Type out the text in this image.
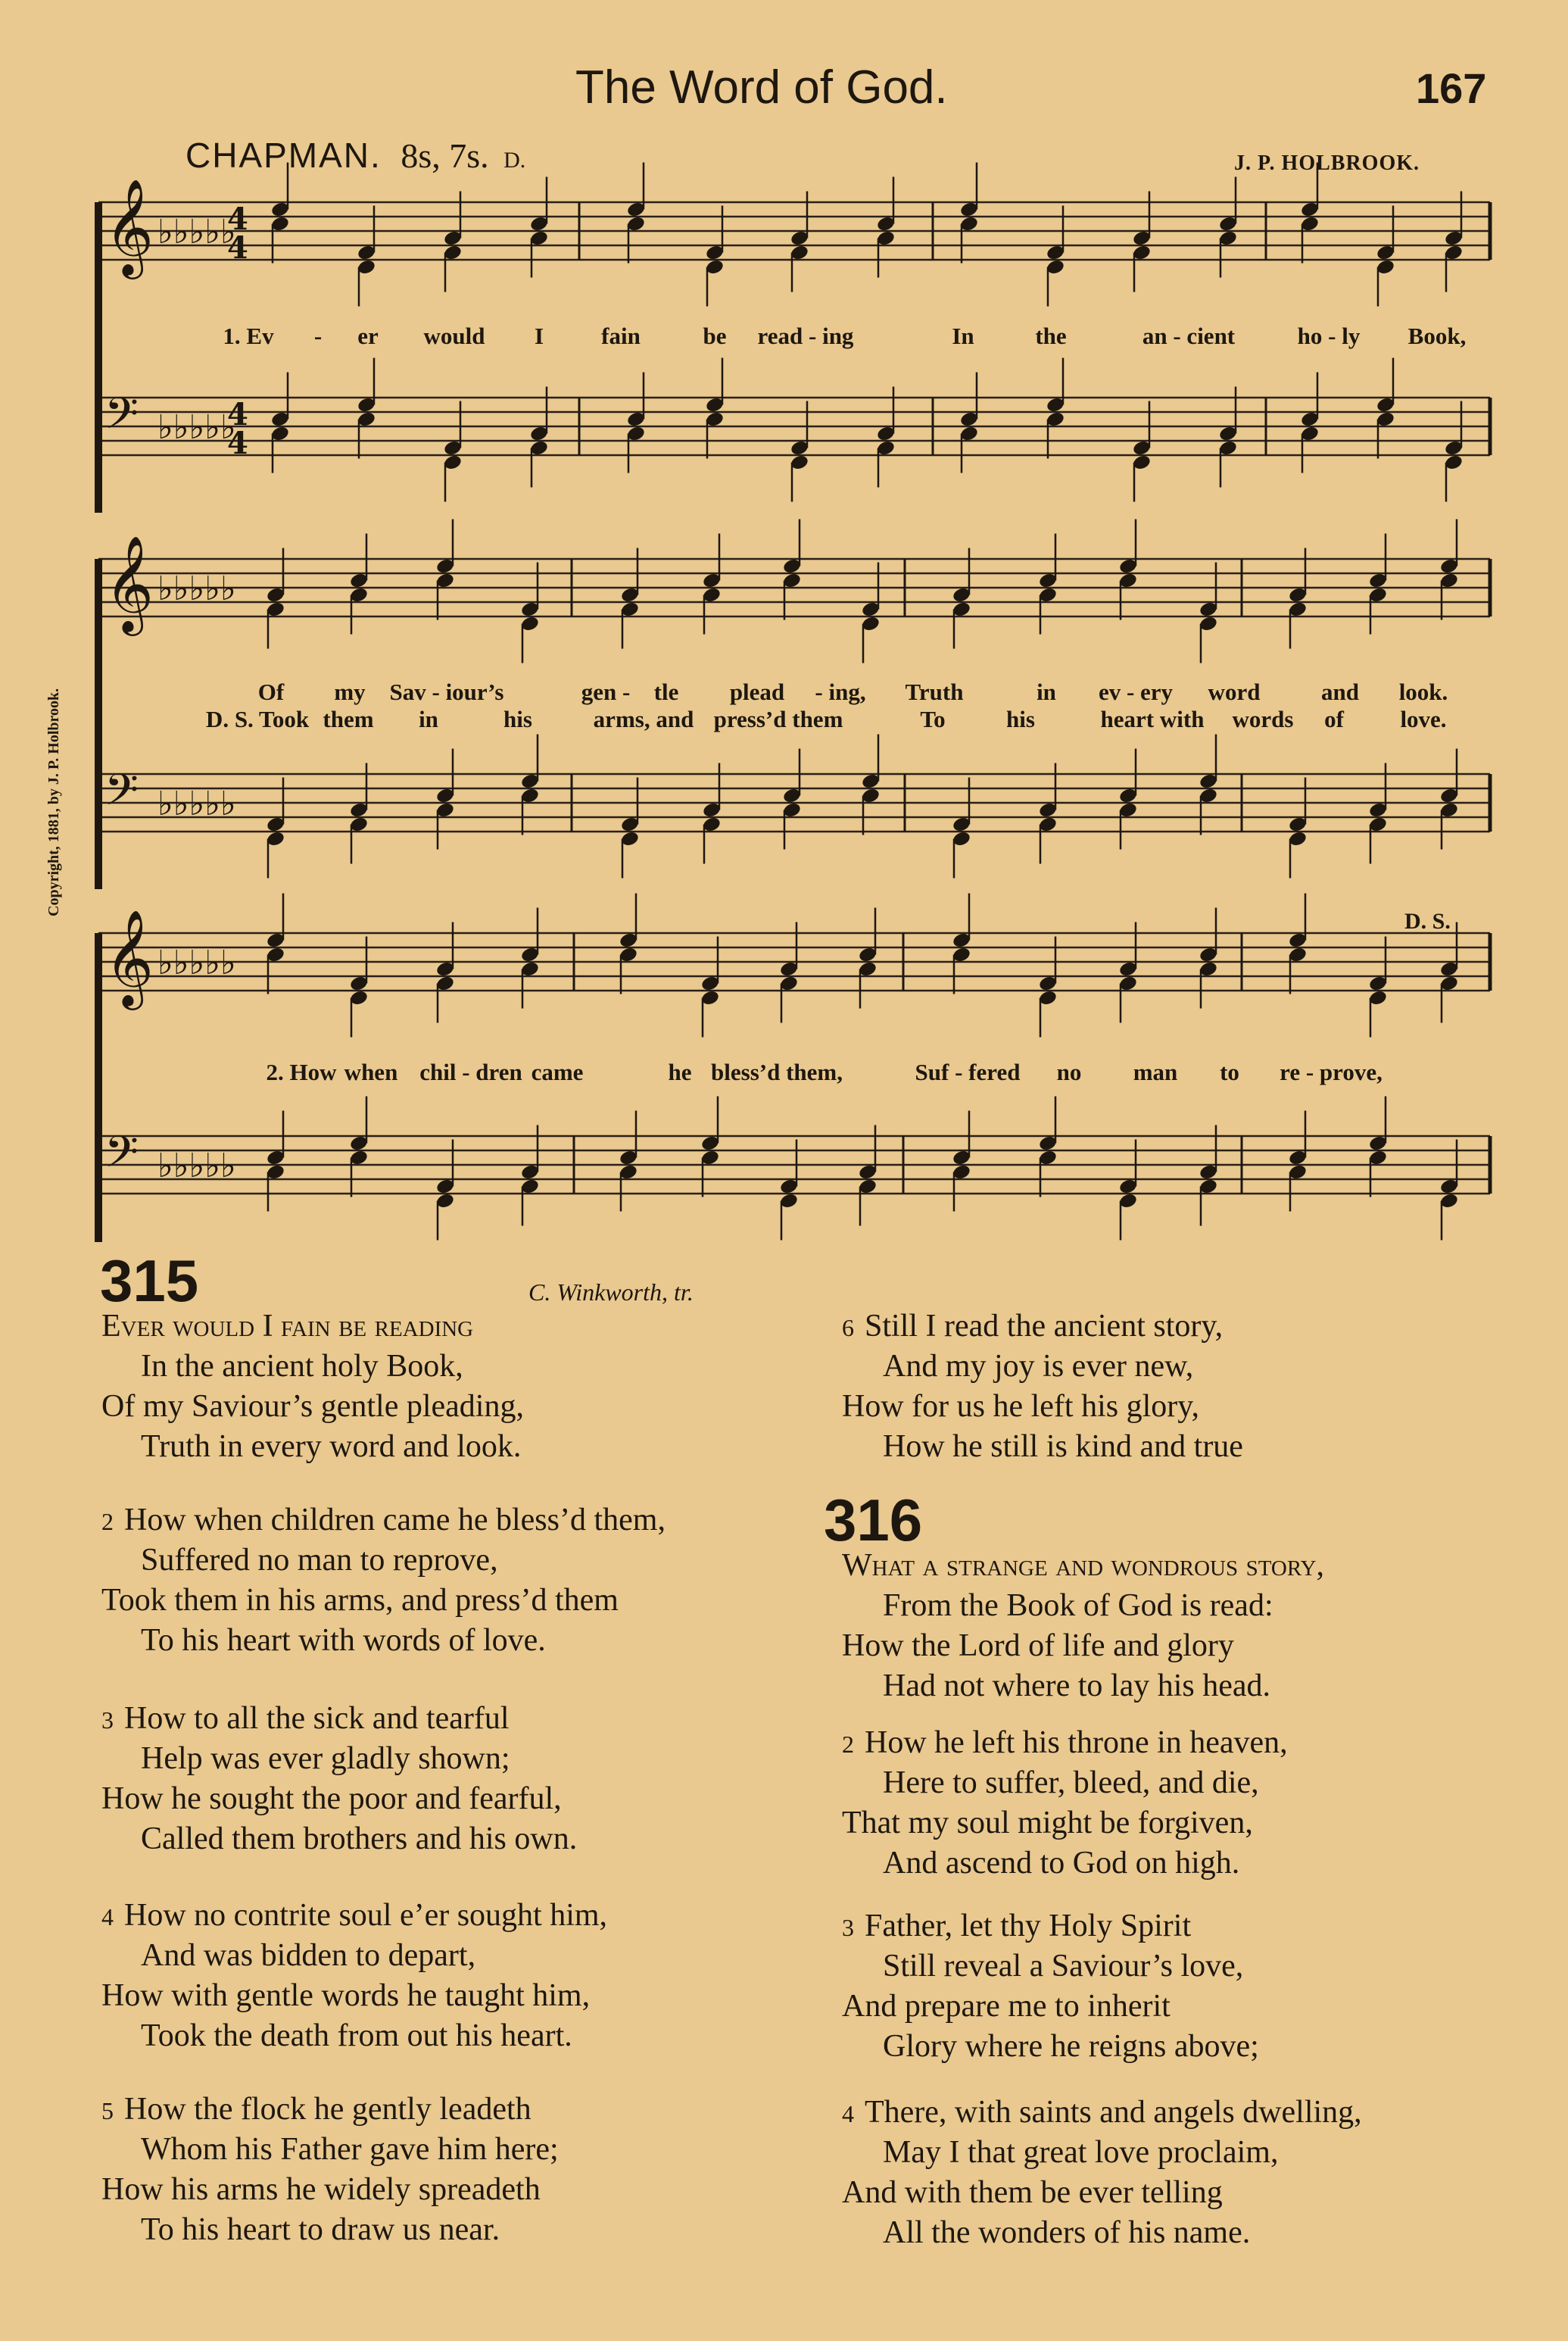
The Word of God.	167
CHAPMAN. 8s, 7s. D.	J. P. HOLBROOK.
Copyright, 1881, by J. P. Holbrook.
D. S.
𝄞 ♭♭♭♭♭
𝄢 ♭♭♭♭♭
𝄞 ♭♭♭♭♭
𝄢 ♭♭♭♭♭
𝄞 ♭♭♭♭♭
𝄢 ♭♭♭♭♭
4
4
4
4
1. Ev - er would I fain	be read - ing	In	the	an - cient	ho - ly Book,
Of my Sav - iour’s	gen - tle plead - ing, Truth	in ev - ery word	and look.
D. S. Took them in	his	arms, and press’d them	To	his	heart with words of love.
2. How when chil - dren came	he bless’d them,	Suf - fered no man to re - prove,
315	C. Winkworth, tr.
Ever would I fain be reading
In the ancient holy Book,
Of my Saviour’s gentle pleading,
Truth in every word and look.
2 How when children came he bless’d them,
Suffered no man to reprove,
Took them in his arms, and press’d them
To his heart with words of love.
3 How to all the sick and tearful
Help was ever gladly shown;
How he sought the poor and fearful,
Called them brothers and his own.
4 How no contrite soul e’er sought him,
And was bidden to depart,
How with gentle words he taught him,
Took the death from out his heart.
5 How the flock he gently leadeth
Whom his Father gave him here;
How his arms he widely spreadeth
To his heart to draw us near.
6 Still I read the ancient story,
And my joy is ever new,
How for us he left his glory,
How he still is kind and true
316
What a strange and wondrous story,
From the Book of God is read:
How the Lord of life and glory
Had not where to lay his head.
2 How he left his throne in heaven,
Here to suffer, bleed, and die,
That my soul might be forgiven,
And ascend to God on high.
3 Father, let thy Holy Spirit
Still reveal a Saviour’s love,
And prepare me to inherit
Glory where he reigns above;
4 There, with saints and angels dwelling,
May I that great love proclaim,
And with them be ever telling
All the wonders of his name.
